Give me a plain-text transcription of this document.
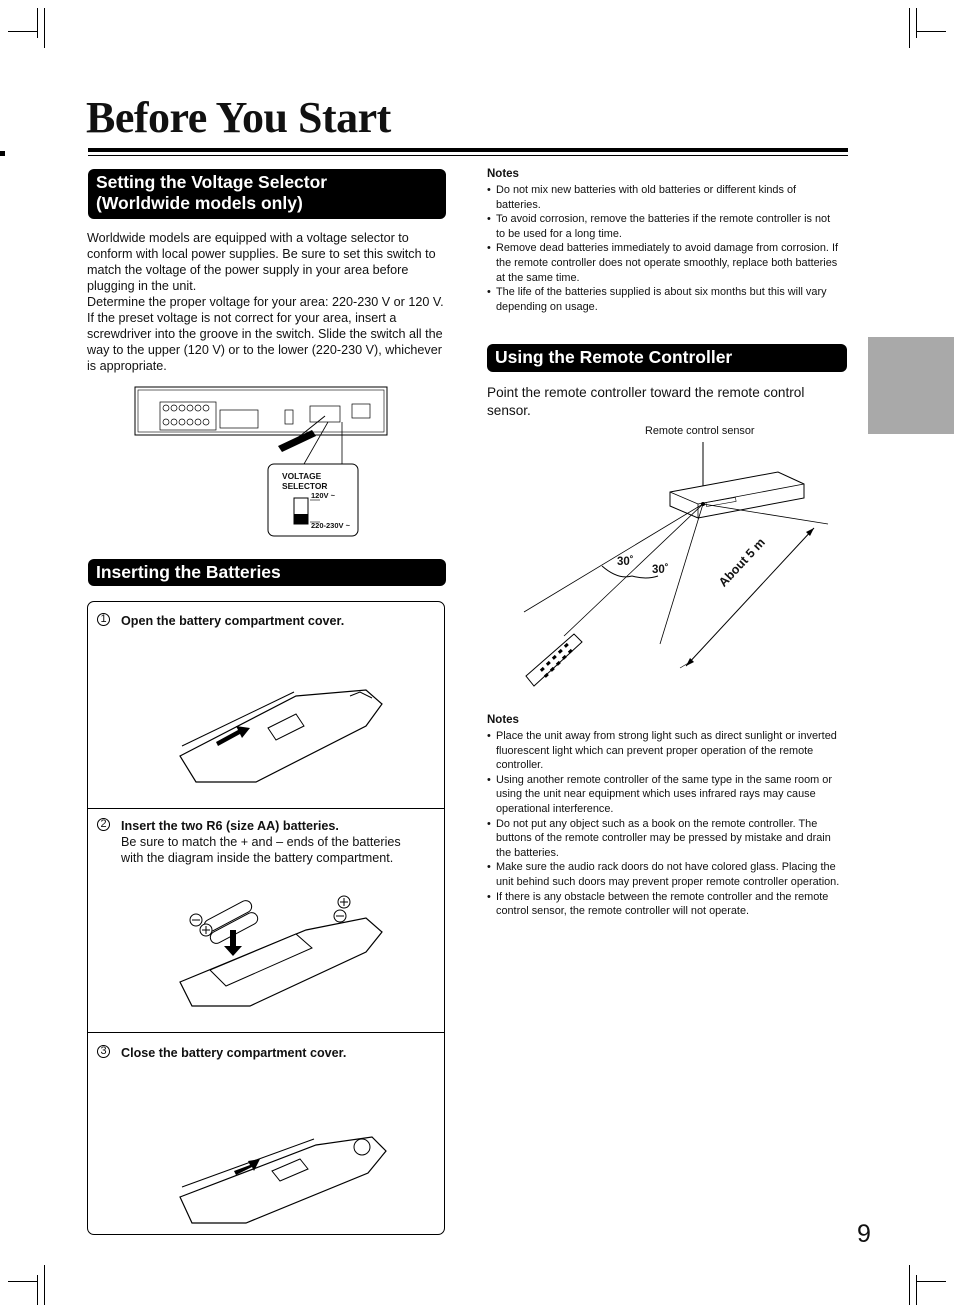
Before You Start
Setting the Voltage Selector
(Worldwide models only)
Worldwide models are equipped with a voltage selector to conform with local power supplies. Be sure to set this switch to match the voltage of the power supply in your area before plugging in the unit.
Determine the proper voltage for your area: 220-230 V or 120 V. If the preset voltage is not correct for your area, insert a screwdriver into the groove in the switch. Slide the switch all the way to the upper (120 V) or to the lower (220-230 V), whichever is appropriate.
VOLTAGE
SELECTOR
120V ~
220-230V ~
Inserting the Batteries
1 Open the battery compartment cover.
2 Insert the two R6 (size AA) batteries.
Be sure to match the + and – ends of the batteries with the diagram inside the battery compartment.
3 Close the battery compartment cover.
Notes
• Do not mix new batteries with old batteries or different kinds of batteries.
• To avoid corrosion, remove the batteries if the remote controller is not to be used for a long time.
• Remove dead batteries immediately to avoid damage from corrosion. If the remote controller does not operate smoothly, replace both batteries at the same time.
• The life of the batteries supplied is about six months but this will vary depending on usage.
Using the Remote Controller
Point the remote controller toward the remote control sensor.
Remote control sensor
30˚
30˚	About 5 m
Notes
• Place the unit away from strong light such as direct sunlight or inverted fluorescent light which can prevent proper operation of the remote controller.
• Using another remote controller of the same type in the same room or using the unit near equipment which uses infrared rays may cause operational interference.
• Do not put any object such as a book on the remote controller. The buttons of the remote controller may be pressed by mistake and drain the batteries.
• Make sure the audio rack doors do not have colored glass. Placing the unit behind such doors may prevent proper remote controller operation.
• If there is any obstacle between the remote controller and the remote control sensor, the remote controller will not operate.
9
